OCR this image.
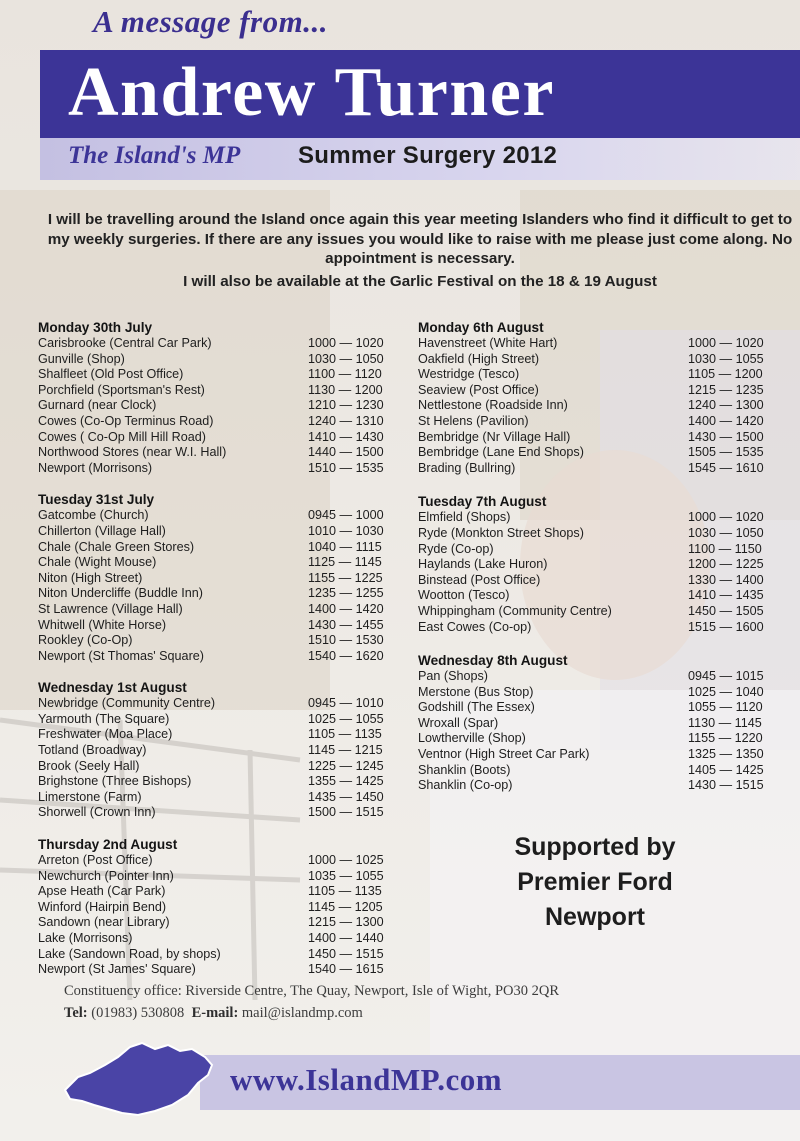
A message from...
Andrew Turner
The Island's MP Summer Surgery 2012
I will be travelling around the Island once again this year meeting Islanders who find it difficult to get to my weekly surgeries. If there are any issues you would like to raise with me please just come along. No appointment is necessary.
I will also be available at the Garlic Festival on the 18 & 19 August
Monday 30th July
Carisbrooke (Central Car Park)	1000 — 1020
Gunville (Shop)	1030 — 1050
Shalfleet (Old Post Office)	1100 — 1120
Porchfield (Sportsman's Rest)	1130 — 1200
Gurnard (near Clock)	1210 — 1230
Cowes (Co-Op Terminus Road)	1240 — 1310
Cowes ( Co-Op Mill Hill Road)	1410 — 1430
Northwood Stores (near W.I. Hall)	1440 — 1500
Newport (Morrisons)	1510 — 1535
Tuesday 31st July
Gatcombe (Church)	0945 — 1000
Chillerton (Village Hall)	1010 — 1030
Chale (Chale Green Stores)	1040 — 1115
Chale (Wight Mouse)	1125 — 1145
Niton (High Street)	1155 — 1225
Niton Undercliffe (Buddle Inn)	1235 — 1255
St Lawrence (Village Hall)	1400 — 1420
Whitwell (White Horse)	1430 — 1455
Rookley (Co-Op)	1510 — 1530
Newport (St Thomas' Square)	1540 — 1620
Wednesday 1st August
Newbridge (Community Centre)	0945 — 1010
Yarmouth (The Square)	1025 — 1055
Freshwater (Moa Place)	1105 — 1135
Totland (Broadway)	1145 — 1215
Brook (Seely Hall)	1225 — 1245
Brighstone (Three Bishops)	1355 — 1425
Limerstone (Farm)	1435 — 1450
Shorwell (Crown Inn)	1500 — 1515
Thursday 2nd August
Arreton (Post Office)	1000 — 1025
Newchurch (Pointer Inn)	1035 — 1055
Apse Heath (Car Park)	1105 — 1135
Winford (Hairpin Bend)	1145 — 1205
Sandown (near Library)	1215 — 1300
Lake (Morrisons)	1400 — 1440
Lake (Sandown Road, by shops)	1450 — 1515
Newport (St James' Square)	1540 — 1615
Monday 6th August
Havenstreet (White Hart)	1000 — 1020
Oakfield (High Street)	1030 — 1055
Westridge (Tesco)	1105 — 1200
Seaview (Post Office)	1215 — 1235
Nettlestone (Roadside Inn)	1240 — 1300
St Helens (Pavilion)	1400 — 1420
Bembridge (Nr Village Hall)	1430 — 1500
Bembridge (Lane End Shops)	1505 — 1535
Brading (Bullring)	1545 — 1610
Tuesday 7th August
Elmfield (Shops)	1000 — 1020
Ryde (Monkton Street Shops)	1030 — 1050
Ryde (Co-op)	1100 — 1150
Haylands (Lake Huron)	1200 — 1225
Binstead (Post Office)	1330 — 1400
Wootton (Tesco)	1410 — 1435
Whippingham (Community Centre)	1450 — 1505
East Cowes (Co-op)	1515 — 1600
Wednesday 8th August
Pan (Shops)	0945 — 1015
Merstone (Bus Stop)	1025 — 1040
Godshill (The Essex)	1055 — 1120
Wroxall (Spar)	1130 — 1145
Lowtherville (Shop)	1155 — 1220
Ventnor (High Street Car Park)	1325 — 1350
Shanklin (Boots)	1405 — 1425
Shanklin (Co-op)	1430 — 1515
Supported by
Premier Ford
Newport
Constituency office: Riverside Centre, The Quay, Newport, Isle of Wight, PO30 2QR
Tel: (01983) 530808 E-mail: mail@islandmp.com
www.IslandMP.com
